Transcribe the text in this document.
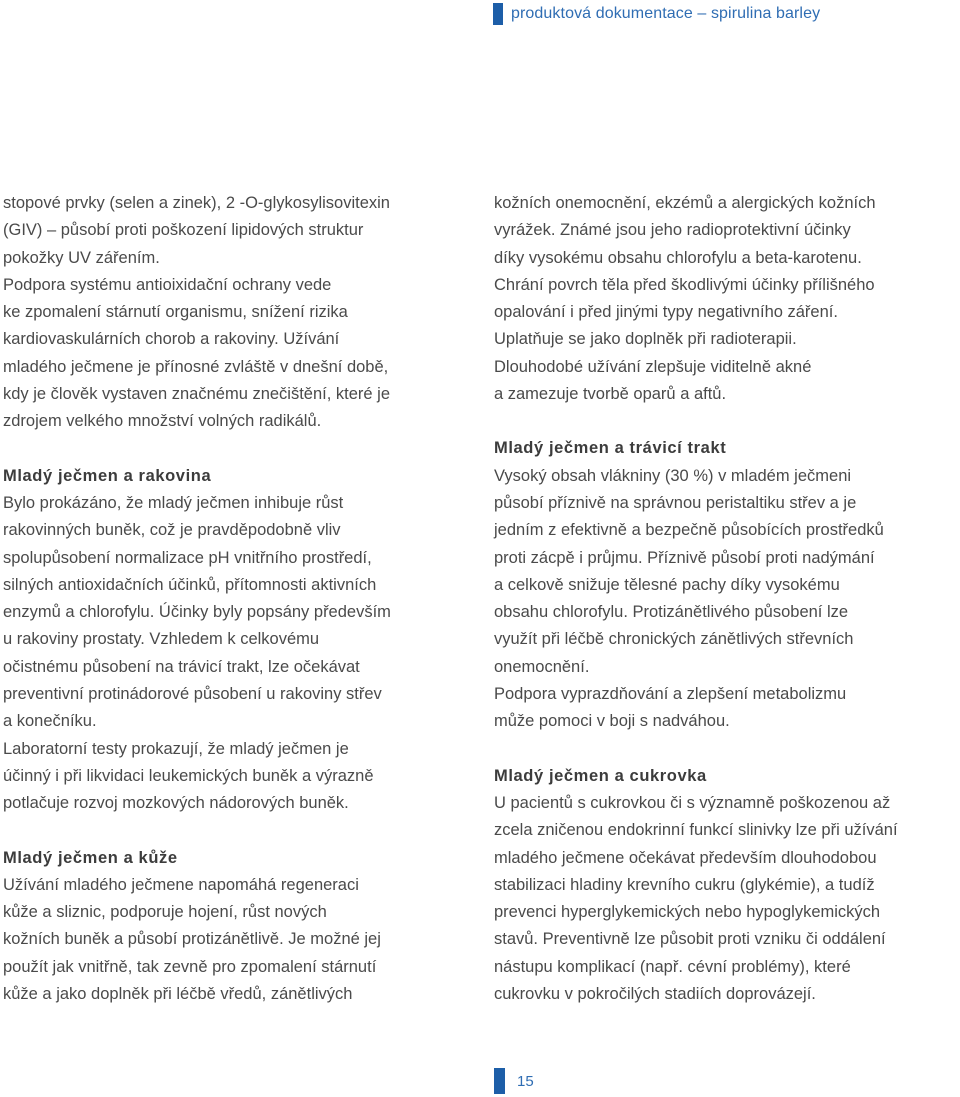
produktová dokumentace – spirulina barley

stopové prvky (selen a zinek), 2 -O-glykosylisovitexin

(GIV) – působí proti poškození lipidových struktur

pokožky UV zářením.

Podpora systému antioixidační ochrany vede

ke zpomalení stárnutí organismu, snížení rizika

kardiovaskulárních chorob a rakoviny. Užívání

mladého ječmene je přínosné zvláště v dnešní době,

kdy je člověk vystaven značnému znečištění, které je

zdrojem velkého množství volných radikálů.

Mladý ječmen a rakovina

Bylo prokázáno, že mladý ječmen inhibuje růst

rakovinných buněk, což je pravděpodobně vliv

spolupůsobení normalizace pH vnitřního prostředí,

silných antioxidačních účinků, přítomnosti aktivních

enzymů a chlorofylu. Účinky byly popsány především

u rakoviny prostaty. Vzhledem k celkovému

očistnému působení na trávicí trakt, lze očekávat

preventivní protinádorové působení u rakoviny střev

a konečníku.

Laboratorní testy prokazují, že mladý ječmen je

účinný i při likvidaci leukemických buněk a výrazně

potlačuje rozvoj mozkových nádorových buněk.

Mladý ječmen a kůže

Užívání mladého ječmene napomáhá regeneraci

kůže a sliznic, podporuje hojení, růst nových

kožních buněk a působí protizánětlivě. Je možné jej

použít jak vnitřně, tak zevně pro zpomalení stárnutí

kůže a jako doplněk při léčbě vředů, zánětlivých

kožních onemocnění, ekzémů a alergických kožních

vyrážek. Známé jsou jeho radioprotektivní účinky

díky vysokému obsahu chlorofylu a beta-karotenu.

Chrání povrch těla před škodlivými účinky přílišného

opalování i před jinými typy negativního záření.

Uplatňuje se jako doplněk při radioterapii.

Dlouhodobé užívání zlepšuje viditelně akné

a zamezuje tvorbě oparů a aftů.

Mladý ječmen a trávicí trakt

Vysoký obsah vlákniny (30 %) v mladém ječmeni

působí příznivě na správnou peristaltiku střev a je

jedním z efektivně a bezpečně působících prostředků

proti zácpě i průjmu. Příznivě působí proti nadýmání

a celkově snižuje tělesné pachy díky vysokému

obsahu chlorofylu. Protizánětlivého působení lze

využít při léčbě chronických zánětlivých střevních

onemocnění.

Podpora vyprazdňování a zlepšení metabolizmu

může pomoci v boji s nadváhou.

Mladý ječmen a cukrovka

U pacientů s cukrovkou či s významně poškozenou až

zcela zničenou endokrinní funkcí slinivky lze při užívání

mladého ječmene očekávat především dlouhodobou

stabilizaci hladiny krevního cukru (glykémie), a tudíž

prevenci hyperglykemických nebo hypoglykemických

stavů. Preventivně lze působit proti vzniku či oddálení

nástupu komplikací (např. cévní problémy), které

cukrovku v pokročilých stadiích doprovázejí.

15
